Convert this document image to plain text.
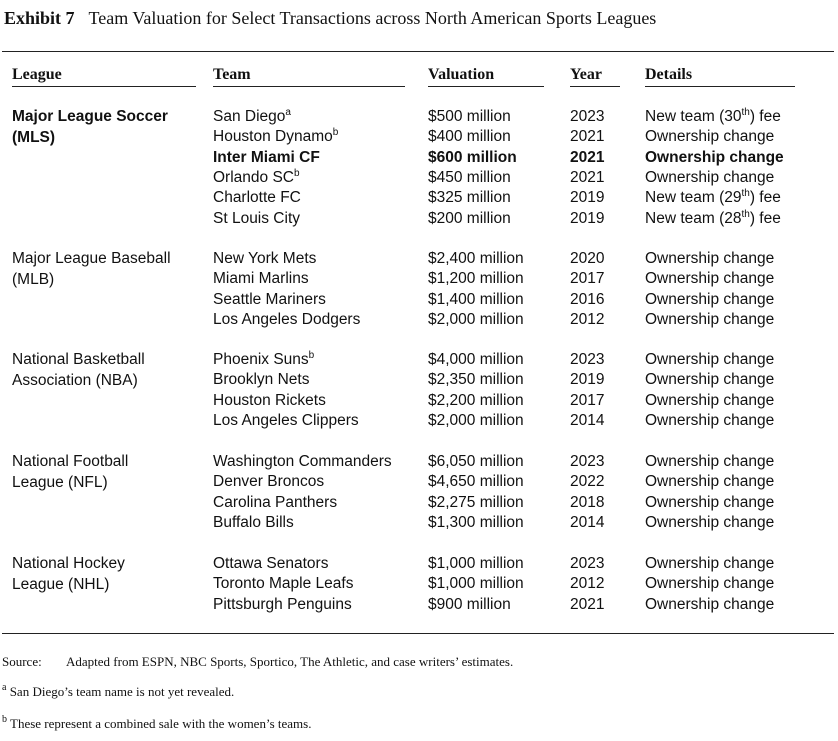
Exhibit 7 Team Valuation for Select Transactions across North American Sports Leagues
League	Team	Valuation	Year	Details
Major League Soccer
(MLS)
San Diego$^a$	$500 million	2023	New team (30th) fee
Houston Dynamo$^b$	$400 million	2021	Ownership change
Inter Miami CF	$600 million	2021	Ownership change
Orlando $SC^b$	$450 million	2021	Ownership change
Charlotte FC	$325 million	2019	New team (29th) fee
St Louis City	$200 million	2019	New team (28th) fee
Major League Baseball
(MLB)
New York Mets	$2,400 million	2020	Ownership change
Miami Marlins	$1,200 million	2017	Ownership change
Seattle Mariners	$1,400 million	2016	Ownership change
Los Angeles Dodgers	$2,000 million	2012	Ownership change
National Basketball
Association (NBA)
Phoenix Suns$^b$	$4,000 million	2023	Ownership change
Brooklyn Nets	$2,350 million	2019	Ownership change
Houston Rickets	$2,200 million	2017	Ownership change
Los Angeles Clippers	$2,000 million	2014	Ownership change
National Football
League (NFL)
Washington Commanders $6,050 million	2023	Ownership change
Denver Broncos	$4,650 million	2022	Ownership change
Carolina Panthers	$2,275 million	2018	Ownership change
Buffalo Bills	$1,300 million	2014	Ownership change
National Hockey
League (NHL)
Ottawa Senators	$1,000 million	2023	Ownership change
Toronto Maple Leafs	$1,000 million	2012	Ownership change
Pittsburgh Penguins	$900 million	2021	Ownership change
Source: Adapted from ESPN, NBC Sports, Sportico, The Athletic, and case writers’ estimates.
$^a$ San Diego’s team name is not yet revealed.
$^b$ These represent a combined sale with the women’s teams.
